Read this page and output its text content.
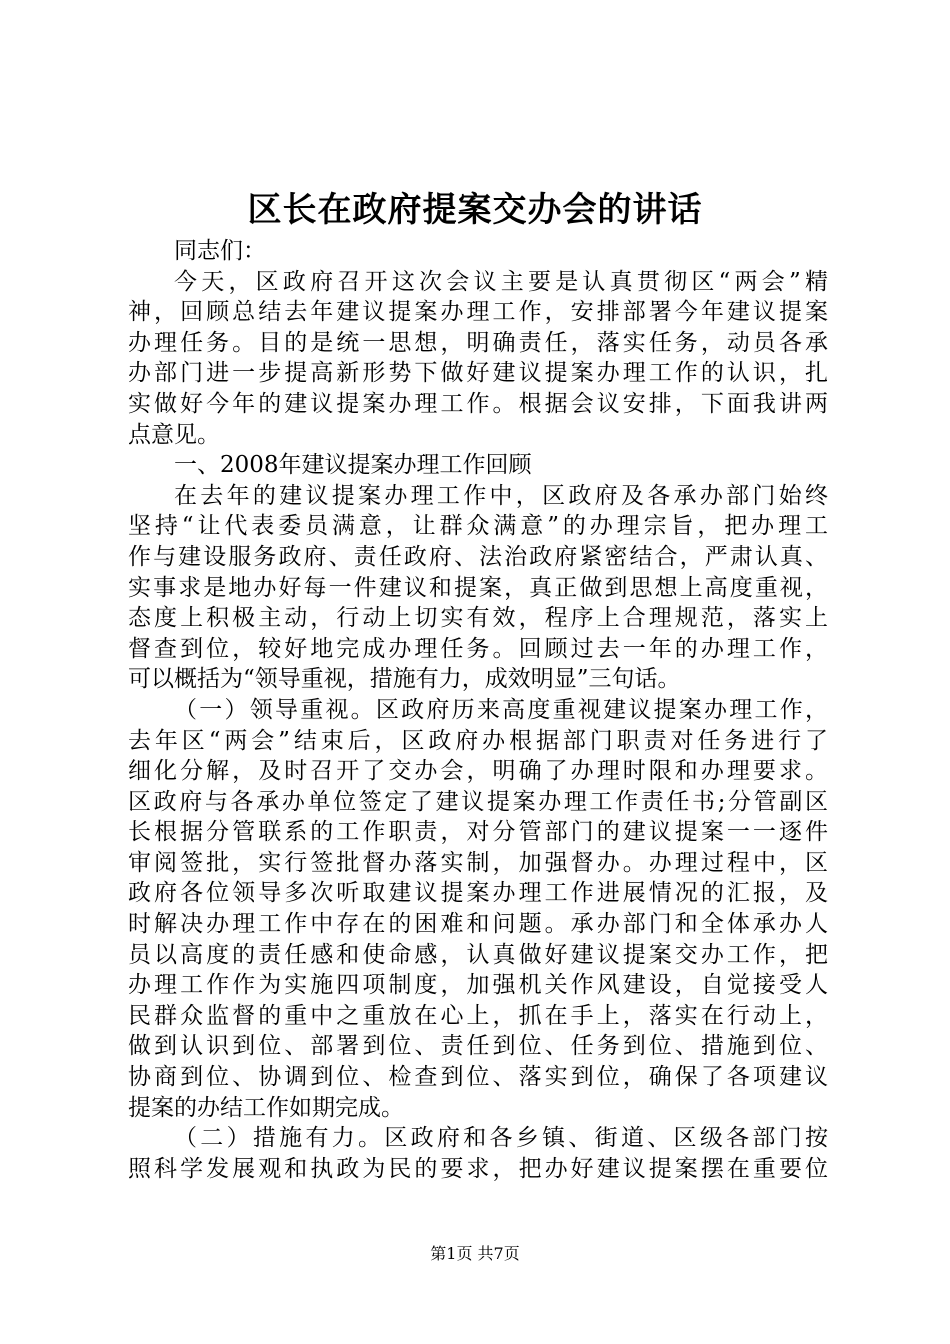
区长在政府提案交办会的讲话
同志们：
今天，区政府召开这次会议主要是认真贯彻区“两会”精
神，回顾总结去年建议提案办理工作，安排部署今年建议提案
办理任务。目的是统一思想，明确责任，落实任务，动员各承
办部门进一步提高新形势下做好建议提案办理工作的认识，扎
实做好今年的建议提案办理工作。根据会议安排，下面我讲两
点意见。
一、2008年建议提案办理工作回顾
在去年的建议提案办理工作中，区政府及各承办部门始终
坚持“让代表委员满意，让群众满意”的办理宗旨，把办理工
作与建设服务政府、责任政府、法治政府紧密结合，严肃认真、
实事求是地办好每一件建议和提案，真正做到思想上高度重视，
态度上积极主动，行动上切实有效，程序上合理规范，落实上
督查到位，较好地完成办理任务。回顾过去一年的办理工作，
可以概括为“领导重视，措施有力，成效明显”三句话。
（一）领导重视。区政府历来高度重视建议提案办理工作，
去年区“两会”结束后，区政府办根据部门职责对任务进行了
细化分解，及时召开了交办会，明确了办理时限和办理要求。
区政府与各承办单位签定了建议提案办理工作责任书;分管副区
长根据分管联系的工作职责，对分管部门的建议提案一一逐件
审阅签批，实行签批督办落实制，加强督办。办理过程中，区
政府各位领导多次听取建议提案办理工作进展情况的汇报，及
时解决办理工作中存在的困难和问题。承办部门和全体承办人
员以高度的责任感和使命感，认真做好建议提案交办工作，把
办理工作作为实施四项制度，加强机关作风建设，自觉接受人
民群众监督的重中之重放在心上，抓在手上，落实在行动上，
做到认识到位、部署到位、责任到位、任务到位、措施到位、
协商到位、协调到位、检查到位、落实到位，确保了各项建议
提案的办结工作如期完成。
（二）措施有力。区政府和各乡镇、街道、区级各部门按
照科学发展观和执政为民的要求，把办好建议提案摆在重要位
第1页 共7页
